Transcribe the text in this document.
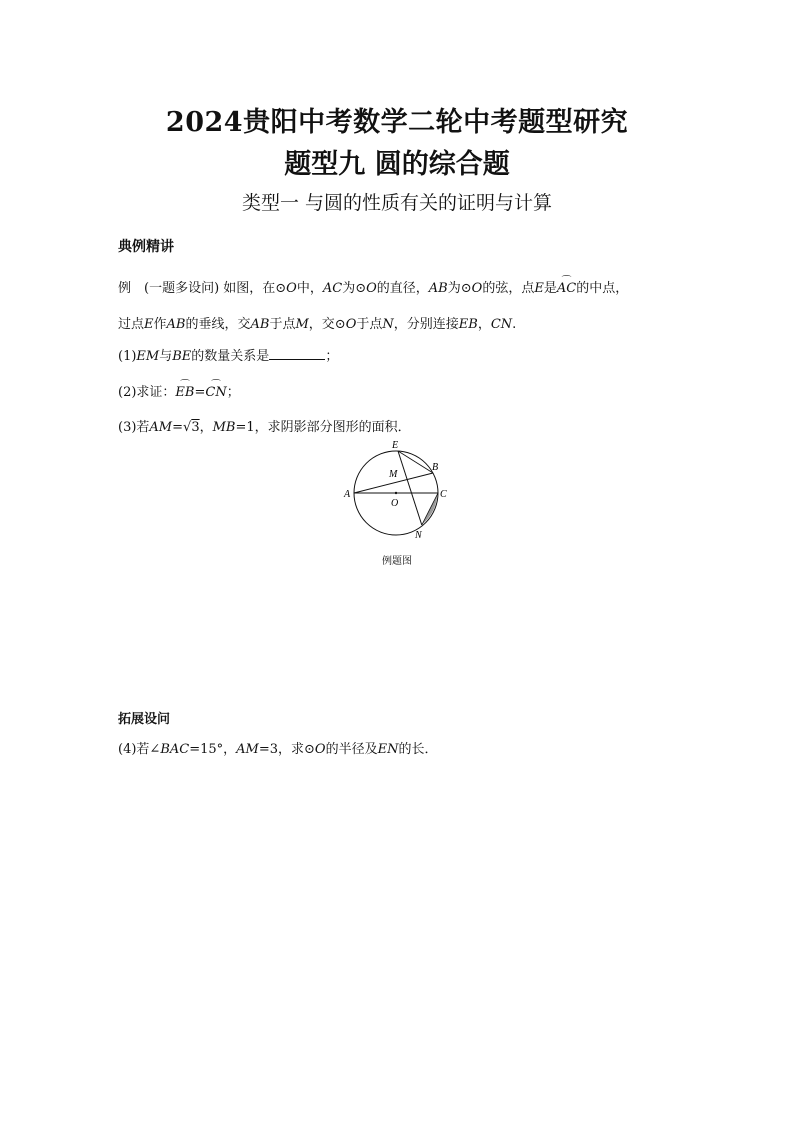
2024贵阳中考数学二轮中考题型研究
题型九 圆的综合题
类型一 与圆的性质有关的证明与计算
典例精讲
例　(一题多设问) 如图，在⊙O中，AC为⊙O的直径，AB为⊙O的弦，点E是⌒ AC的中点，
过点E作AB的垂线，交AB于点M，交⊙O于点N，分别连接EB，CN.
(1)EM与BE的数量关系是	；
(2)求证：⌒ EB=⌒ CN；
(3)若AM=√3，MB=1，求阴影部分图形的面积．
E
B
M
A
O
C
N
例题图
拓展设问
(4)若∠BAC=15°，AM=3，求⊙O的半径及EN的长．
